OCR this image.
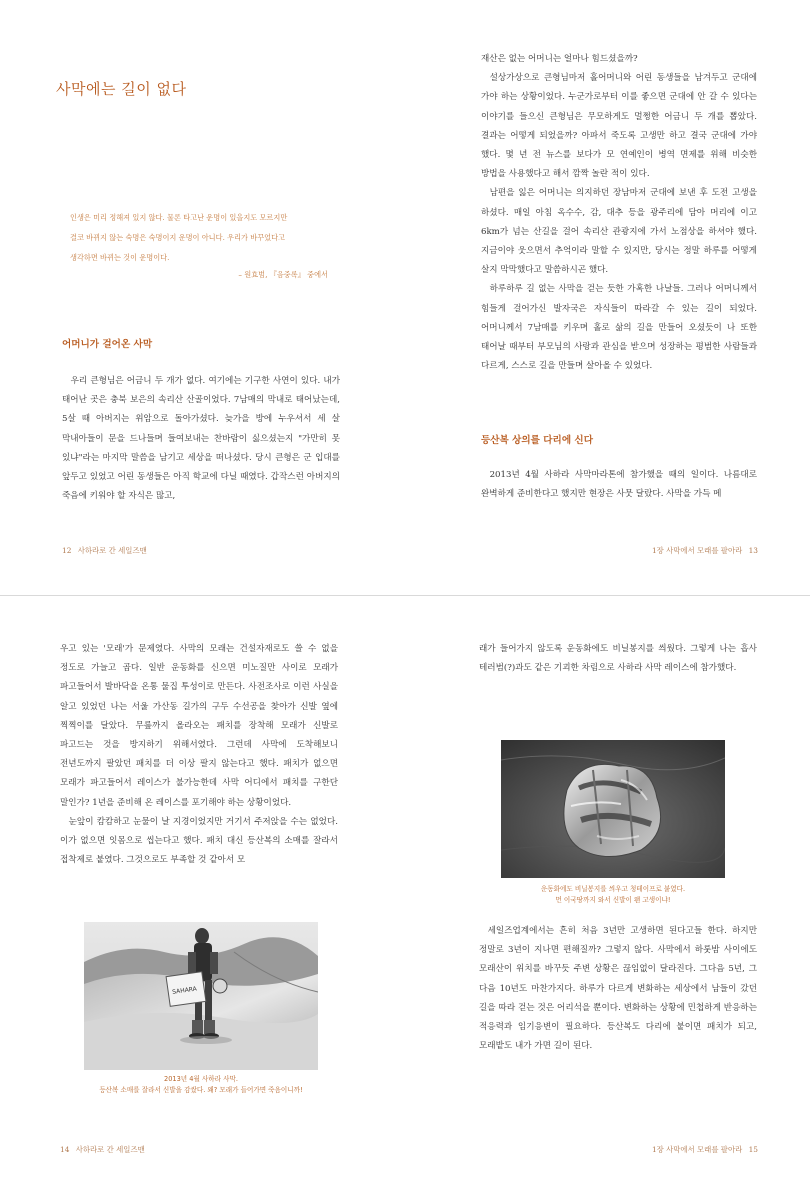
사막에는 길이 없다
인생은 미리 정해져 있지 않다. 물론 타고난 운명이 있을지도 모르지만
결코 바뀌지 않는 숙명은 숙명이지 운명이 아니다. 우리가 바꾸었다고
생각하면 바뀌는 것이 운명이다.
– 원효범, 『음중록』 중에서
어머니가 걸어온 사막

우리 큰형님은 어금니 두 개가 없다. 여기에는 기구한 사연이 있다. 내가 태어난 곳은 충북 보은의 속리산 산골이었다. 7남매의 막내로 태어났는데, 5살 때 아버지는 위암으로 돌아가셨다. 늦가을 방에 누우셔서 세 살 막내아들이 문을 드나들며 들여보내는 찬바람이 싫으셨는지 "가만히 못 있냐"라는 마지막 말씀을 남기고 세상을 떠나셨다. 당시 큰형은 군 입대를 앞두고 있었고 어린 동생들은 아직 학교에 다닐 때였다. 갑작스런 아버지의 죽음에 키워야 할 자식은 많고,

12 사하라로 간 세일즈맨

재산은 없는 어머니는 얼마나 힘드셨을까?

설상가상으로 큰형님마저 홀어머니와 어린 동생들을 남겨두고 군대에 가야 하는 상황이었다. 누군가로부터 이를 좋으면 군대에 안 갈 수 있다는 이야기를 들으신 큰형님은 무모하게도 멀쩡한 어금니 두 개를 뽑았다. 결과는 어떻게 되었을까? 아파서 죽도록 고생만 하고 결국 군대에 가야 했다. 몇 년 전 뉴스를 보다가 모 연예인이 병역 면제를 위해 비슷한 방법을 사용했다고 해서 깜짝 놀란 적이 있다.

남편을 잃은 어머니는 의지하던 장남마저 군대에 보낸 후 도전 고생을 하셨다. 매일 아침 옥수수, 감, 대추 등을 광주리에 담아 머리에 이고 6km가 넘는 산길을 걸어 속리산 관광지에 가서 노점상을 하셔야 했다. 지금이야 웃으면서 추억이라 말할 수 있지만, 당시는 정말 하루를 어떻게 살지 막막했다고 말씀하시곤 했다.

하루하루 길 없는 사막을 걷는 듯한 가혹한 나날들. 그러나 어머니께서 힘들게 걸어가신 발자국은 자식들이 따라갈 수 있는 길이 되었다. 어머니께서 7남매를 키우며 홀로 삶의 길을 만들어 오셨듯이 나 또한 태어날 때부터 부모님의 사랑과 관심을 받으며 성장하는 평범한 사람들과 다르게, 스스로 길을 만들며 살아올 수 있었다.

등산복 상의를 다리에 신다

2013년 4월 사하라 사막마라톤에 참가했을 때의 일이다. 나름대로 완벽하게 준비한다고 했지만 현장은 사뭇 달랐다. 사막을 가득 메

1장 사막에서 모래를 팔아라 13

우고 있는 '모래'가 문제였다. 사막의 모래는 건설자재로도 쓸 수 없을 정도로 가늘고 곱다. 일반 운동화를 신으면 미노질만 사이로 모래가 파고들어서 발바닥을 온통 물집 투성이로 만든다. 사전조사로 이런 사실을 알고 있었던 나는 서울 가산동 길가의 구두 수선공을 찾아가 신발 옆에 찍찍이를 달았다. 무릎까지 올라오는 패치를 장착해 모래가 신발로 파고드는 것을 방지하기 위해서였다. 그런데 사막에 도착해보니 전년도까지 팔았던 패치를 더 이상 팔지 않는다고 했다. 패치가 없으면 모래가 파고들어서 레이스가 불가능한데 사막 어디에서 패치를 구한단 말인가? 1년을 준비해 온 레이스를 포기해야 하는 상황이었다.

눈앞이 캄캄하고 눈물이 날 지경이었지만 거기서 주저앉을 수는 없었다. 이가 없으면 잇몸으로 씹는다고 했다. 패치 대신 등산복의 소매를 잘라서 접착제로 붙였다. 그것으로도 부족할 것 같아서 모

SAHARA
2013년 4월 사하라 사막.
등산복 소매를 잘라서 신발을 감쌌다. 왜? 모래가 들어가면 죽음이니까!
14 사하라로 간 세일즈맨

래가 들어가지 않도록 운동화에도 비닐봉지를 씌웠다. 그렇게 나는 흡사 테러범(?)과도 같은 기괴한 차림으로 사하라 사막 레이스에 참가했다.

운동화에도 비닐봉지를 씌우고 청테이프로 붙였다.
먼 이국땅까지 와서 신발이 왠 고생이냐!

세일즈업계에서는 흔히 처음 3년만 고생하면 된다고들 한다. 하지만 정말로 3년이 지나면 편해질까? 그렇지 않다. 사막에서 하룻밤 사이에도 모래산이 위치를 바꾸듯 주변 상황은 끊임없이 달라진다. 그다음 5년, 그 다음 10년도 마찬가지다. 하루가 다르게 변화하는 세상에서 남들이 갔던 길을 따라 걷는 것은 어리석을 뿐이다. 변화하는 상황에 민첩하게 반응하는 적응력과 임기응변이 필요하다. 등산복도 다리에 붙이면 패치가 되고, 모래밭도 내가 가면 길이 된다.

1장 사막에서 모래를 팔아라 15
